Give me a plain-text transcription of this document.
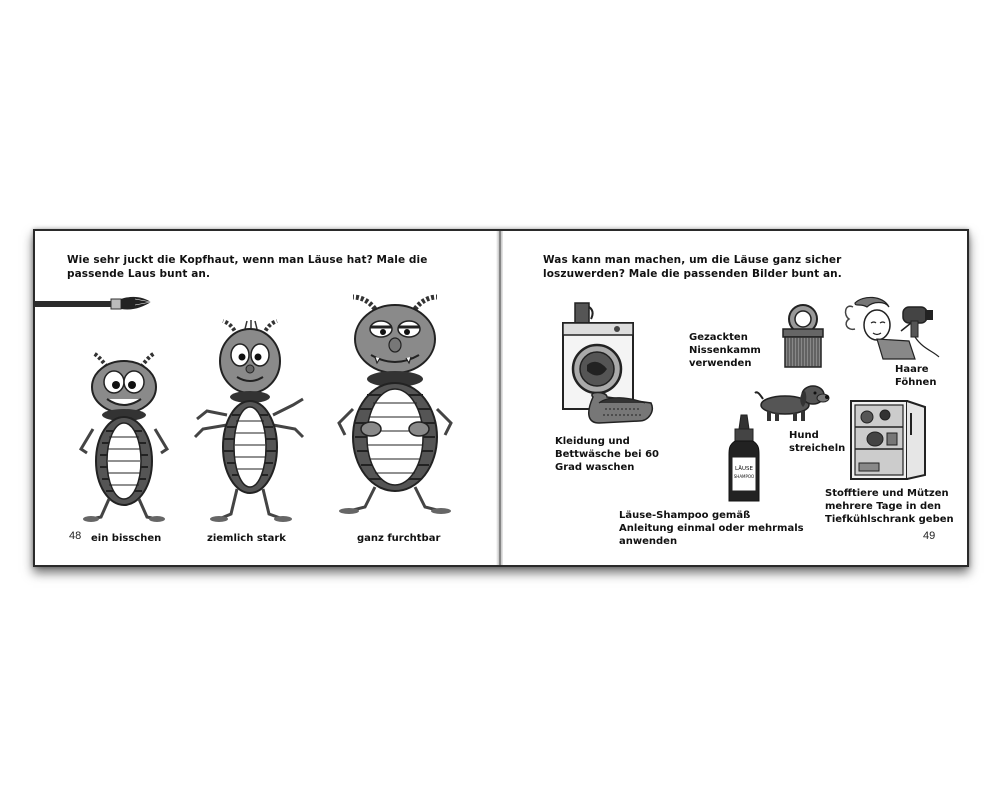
Wie sehr juckt die Kopfhaut, wenn man Läuse hat? Male die passende Laus bunt an.
48 ein bisschen	ziemlich stark	ganz furchtbar
Was kann man machen, um die Läuse ganz sicher loszuwerden? Male die passenden Bilder bunt an.
Kleidung und Bettwäsche bei 60 Grad waschen
Gezackten Nissenkamm verwenden
Haare Föhnen
Hund streicheln
LÄUSE
SHAMPOO
Läuse-Shampoo gemäß Anleitung einmal oder mehrmals anwenden
Stofftiere und Mützen mehrere Tage in den Tiefkühlschrank geben
49
